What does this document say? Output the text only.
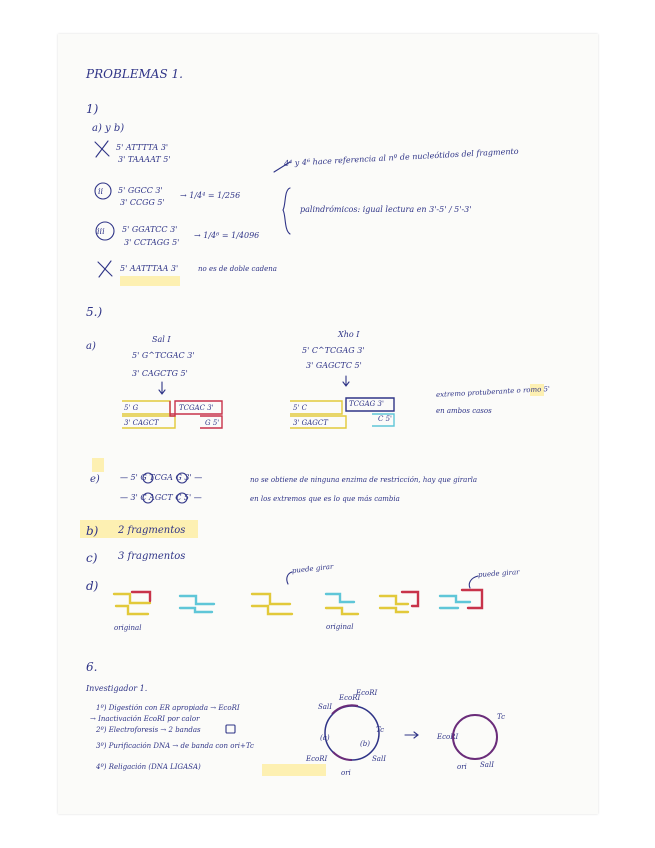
PROBLEMAS 1.
1)
a) y b)
5' ATTTTA 3'
3' TAAAAT 5'
ii 5' GGCC 3'
3' CCGG 5'
→ 1/4⁴ = 1/256
iii 5' GGATCC 3'
3' CCTAGG 5'
→ 1/4⁶ = 1/4096
4⁴ y 4⁶ hace referencia al nº de nucleótidos del fragmento
palindrómicos: igual lectura en 3'-5' / 5'-3'
5' AATTTAA 3'	no es de doble cadena
5.)
a)
Sal I
5' G^TCGAC 3'
3' CAGCTG 5'
5' G
3' CAGCT
TCGAC 3'
G 5'
Xho I
5' C^TCGAG 3'
3' GAGCTC 5'
5' C
3' GAGCT
TCGAG 3'
C 5'
extremo protuberante o romo 5'
en ambos casos
e)	— 5' G TCGA G 3' —
— 3' C AGCT C 5' —
no se obtiene de ninguna enzima de restricción, hay que girarla
en los extremos que es lo que más cambia
b) 2 fragmentos
c) 3 fragmentos
d)
puede girar	puede girar
original	original
6.
Investigador 1.
1º) Digestión con ER apropiada → EcoRI
→ Inactivación EcoRI por calor
2º) Electroforesis → 2 bandas
3º) Purificación DNA → de banda con ori+Tc
4º) Religación (DNA LIGASA)
SalI
EcoRI
EcoRI
Tc
(a)
(b)
EcoRI	SalI
ori
EcoRI
Tc
ori SalI
